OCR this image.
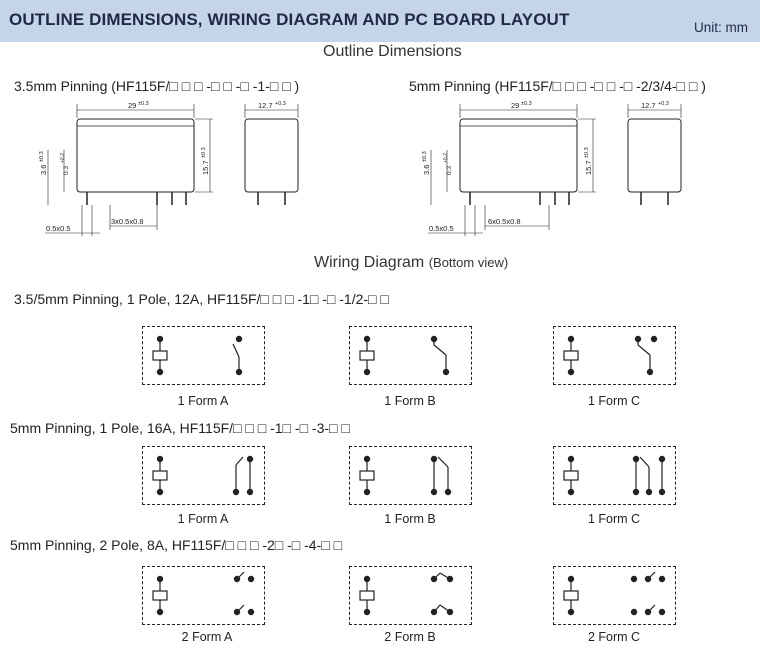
OUTLINE DIMENSIONS, WIRING DIAGRAM AND PC BOARD LAYOUT	Unit: mm
Outline Dimensions
3.5mm Pinning (HF115F/□ □ □ -□ □ -□ -1-□ □ )	5mm Pinning (HF115F/□ □ □ -□ □ -□ -2/3/4-□ □ )
29 ±0.3	12.7 +0.3
15.7
±0.3
3.6
±0.3
0.3
+0.2
0.5x0.5
3x0.5x0.8
29 ±0.3	12.7 +0.3
15.7
±0.3
3.6
±0.3
0.3
+0.2
0.5x0.5
6x0.5x0.8
Wiring Diagram (Bottom view)
3.5/5mm Pinning, 1 Pole, 12A, HF115F/□ □ □ -1□ -□ -1/2-□ □
1 Form A	1 Form B	1 Form C
5mm Pinning, 1 Pole, 16A, HF115F/□ □ □ -1□ -□ -3-□ □
1 Form A	1 Form B	1 Form C
5mm Pinning, 2 Pole, 8A, HF115F/□ □ □ -2□ -□ -4-□ □
2 Form A	2 Form B	2 Form C
